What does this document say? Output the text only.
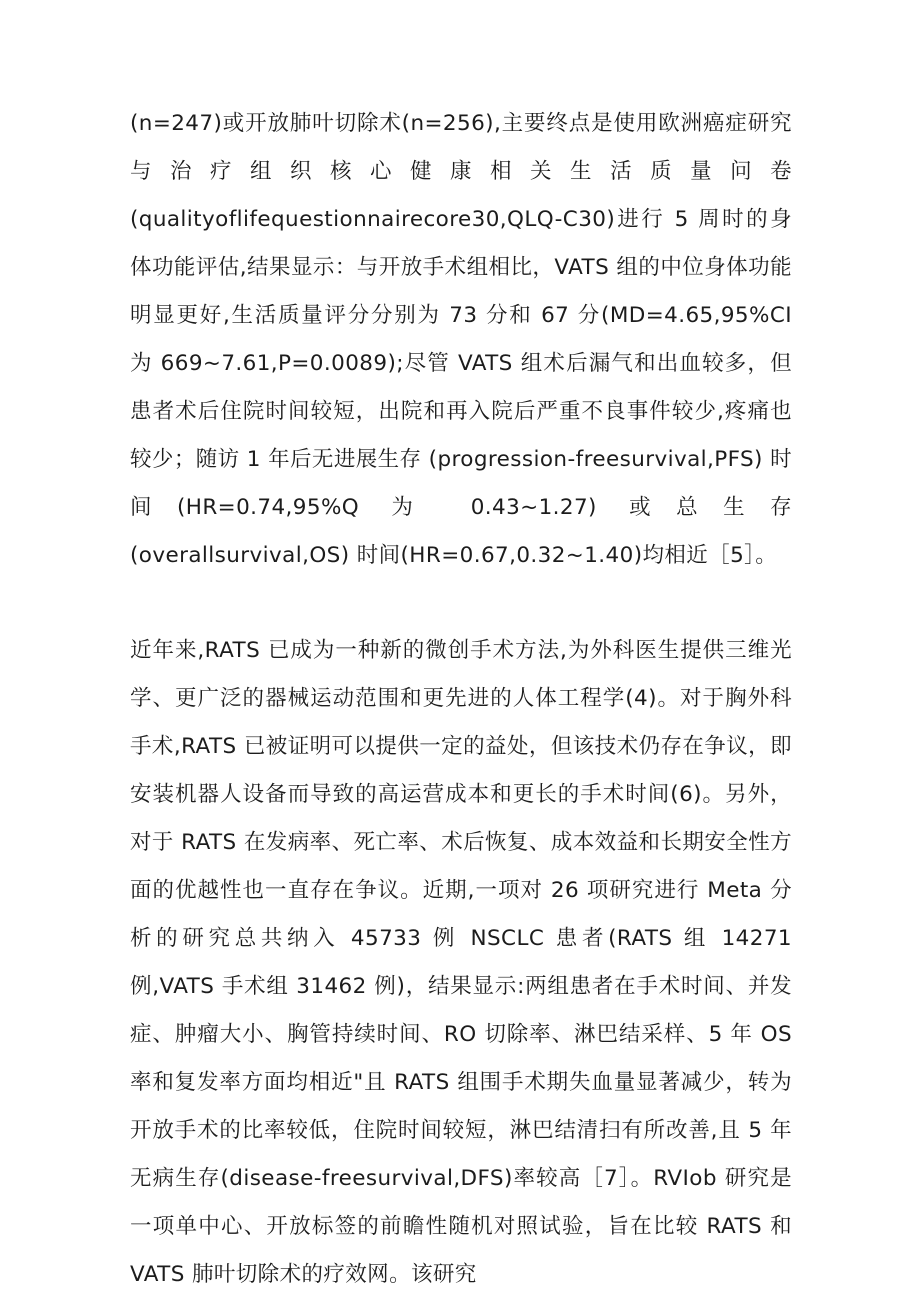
(n=247)或开放肺叶切除术(n=256),主要终点是使用欧洲癌症研究与治疗组织核心健康相关生活质量问卷(qualityoflifequestionnairecore30,QLQ-C30)进行 5 周时的身体功能评估,结果显示：与开放手术组相比，VATS 组的中位身体功能明显更好,生活质量评分分别为 73 分和 67 分(MD=4.65,95%CI 为 669~7.61,P=0.0089);尽管 VATS 组术后漏气和出血较多，但患者术后住院时间较短，出院和再入院后严重不良事件较少,疼痛也较少；随访 1 年后无进展生存 (progression-freesurvival,PFS) 时间(HR=0.74,95%Q 为 0.43~1.27) 或总生存 (overallsurvival,OS) 时间(HR=0.67,0.32~1.40)均相近［5］。

近年来,RATS 已成为一种新的微创手术方法,为外科医生提供三维光学、更广泛的器械运动范围和更先进的人体工程学(4)。对于胸外科手术,RATS 已被证明可以提供一定的益处，但该技术仍存在争议，即安装机器人设备而导致的高运营成本和更长的手术时间(6)。另外，对于 RATS 在发病率、死亡率、术后恢复、成本效益和长期安全性方面的优越性也一直存在争议。近期,一项对 26 项研究进行 Meta 分析的研究总共纳入 45733 例 NSCLC 患者(RATS 组 14271 例,VATS 手术组 31462 例)，结果显示:两组患者在手术时间、并发症、肿瘤大小、胸管持续时间、RO 切除率、淋巴结采样、5 年 OS 率和复发率方面均相近"且 RATS 组围手术期失血量显著减少，转为开放手术的比率较低，住院时间较短，淋巴结清扫有所改善,且 5 年无病生存(disease-freesurvival,DFS)率较高［7］。RVIob 研究是一项单中心、开放标签的前瞻性随机对照试验，旨在比较 RATS 和 VATS 肺叶切除术的疗效网。该研究
